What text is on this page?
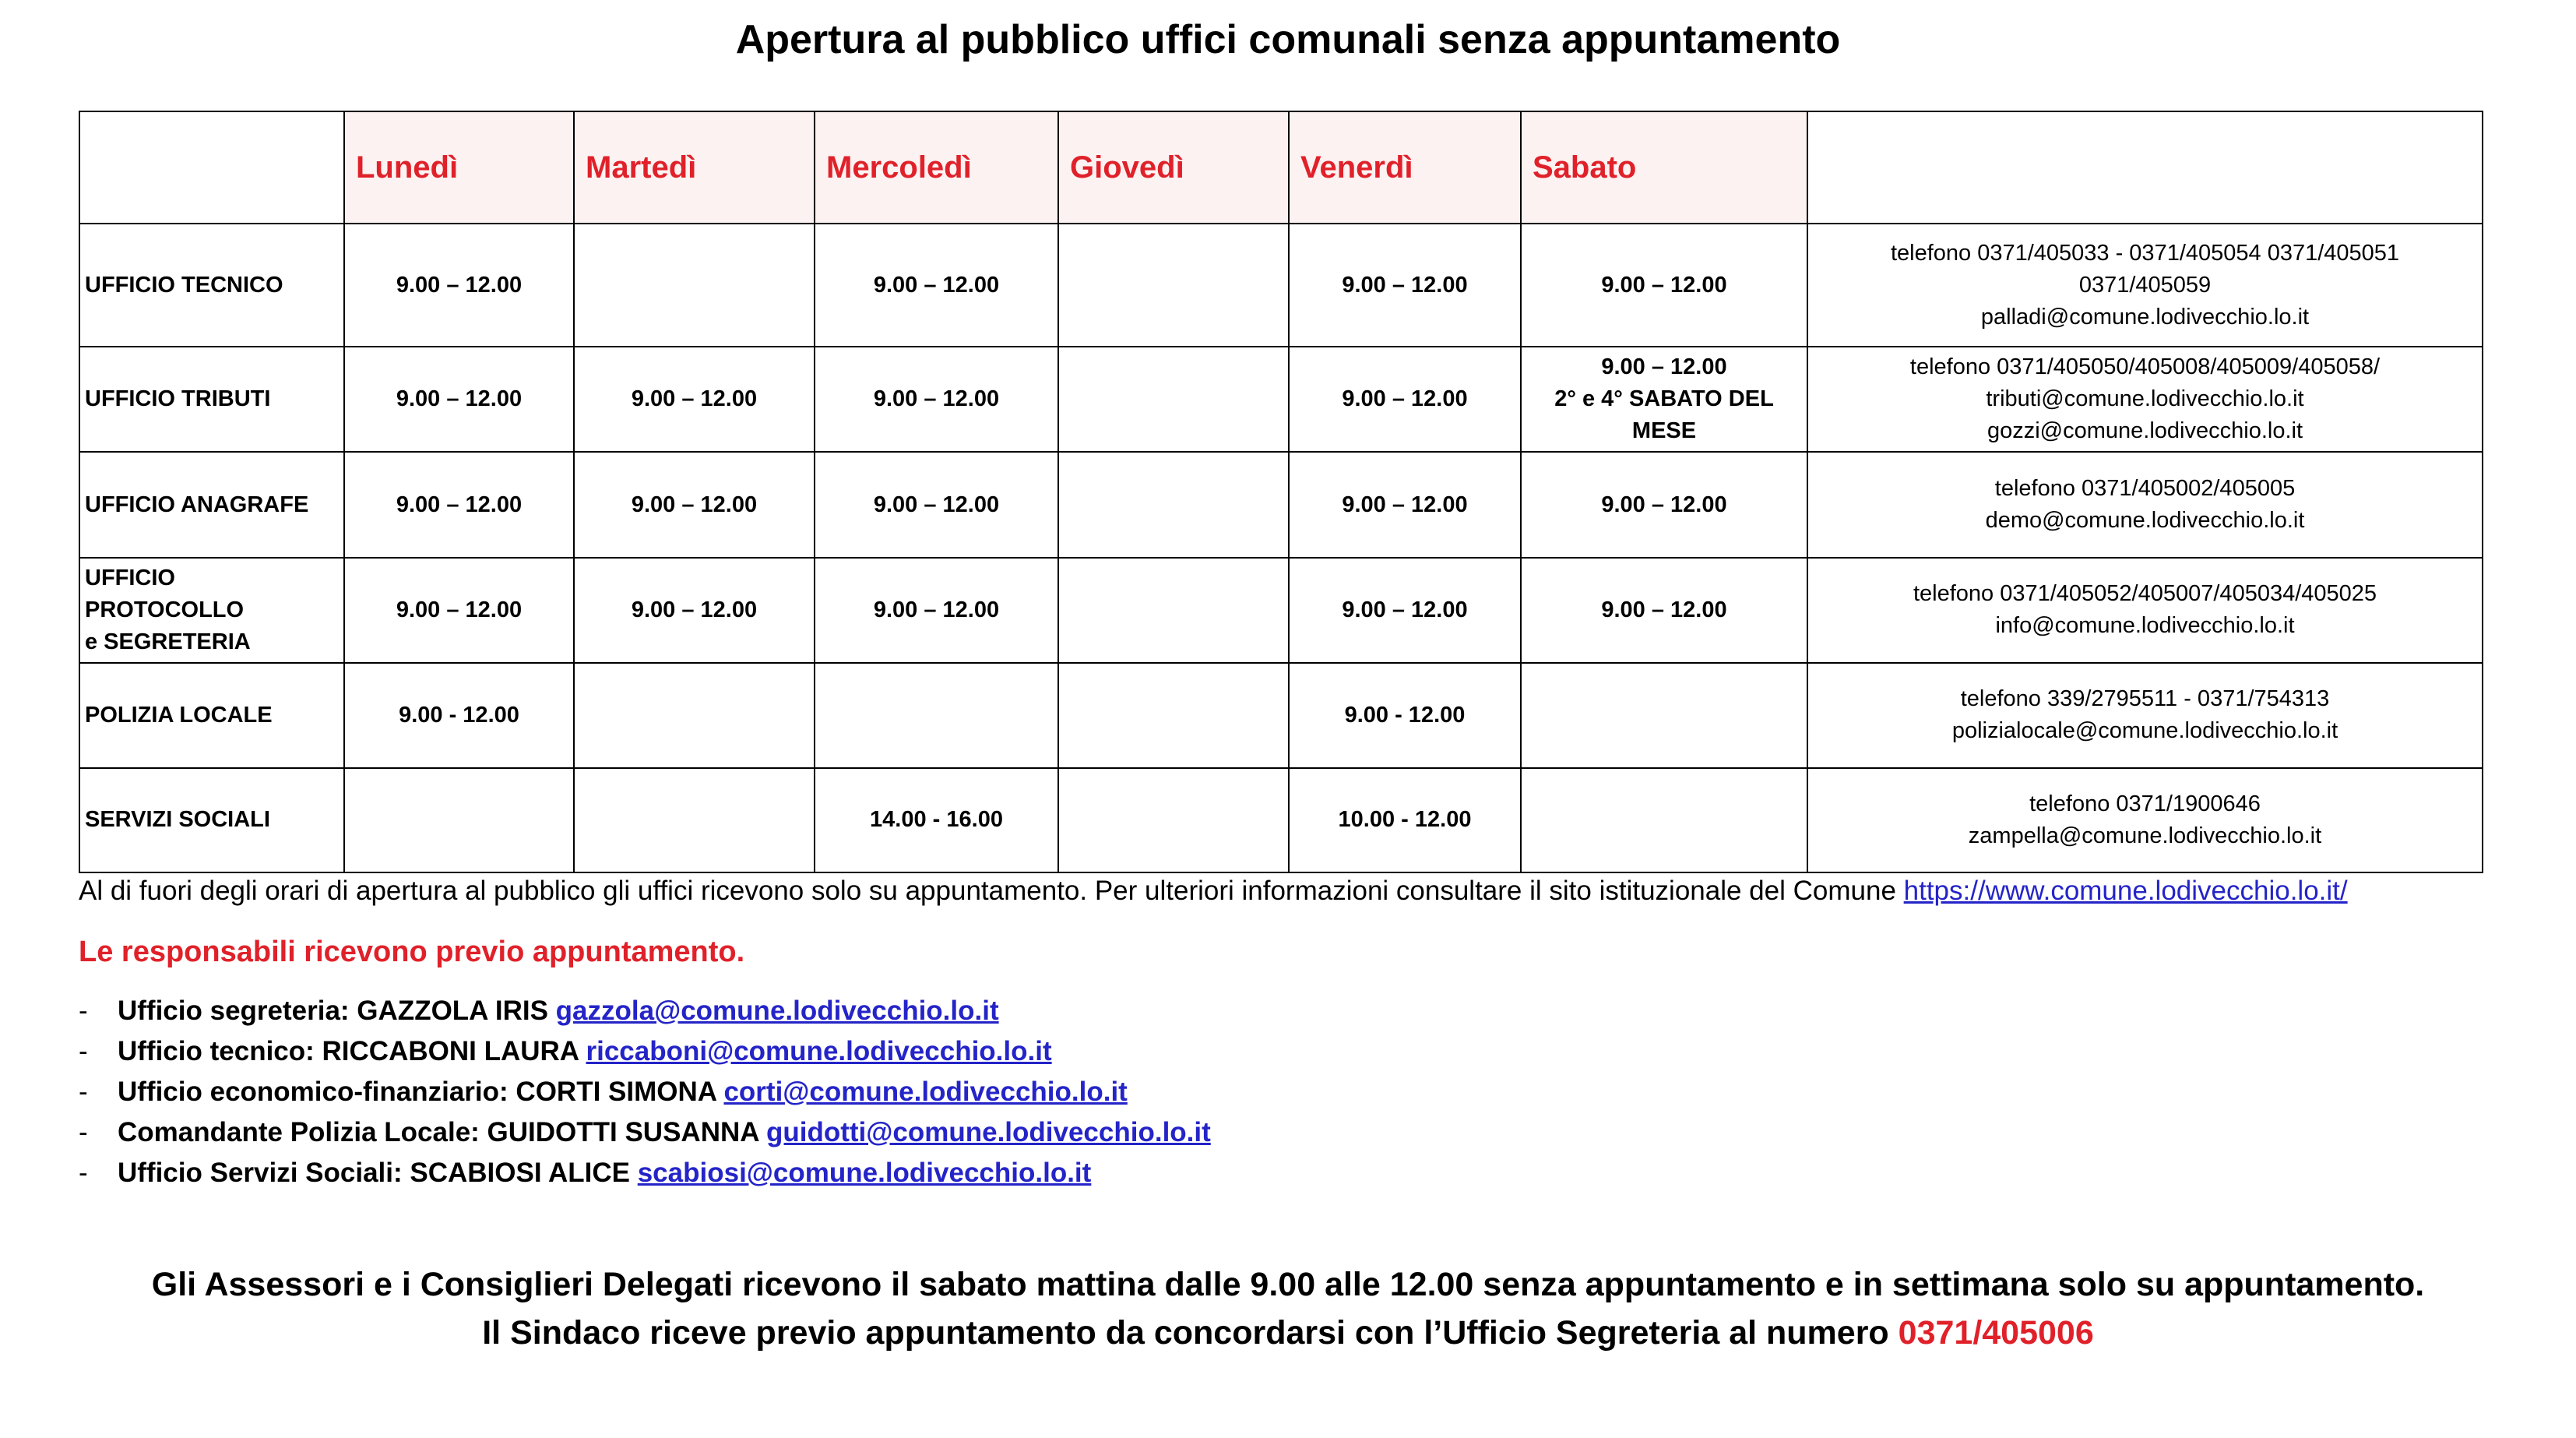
Apertura al pubblico uffici comunali senza appuntamento
	Lunedì	Martedì	Mercoledì	Giovedì	Venerdì	Sabato	

UFFICIO TECNICO	9.00 – 12.00		9.00 – 12.00		9.00 – 12.00	9.00 – 12.00	telefono 0371/405033 - 0371/405054 0371/405051
0371/405059
palladi@comune.lodivecchio.lo.it

UFFICIO TRIBUTI	9.00 – 12.00	9.00 – 12.00	9.00 – 12.00		9.00 – 12.00	9.00 – 12.00
2° e 4° SABATO DEL
MESE	telefono 0371/405050/405008/405009/405058/
tributi@comune.lodivecchio.lo.it
gozzi@comune.lodivecchio.lo.it

UFFICIO ANAGRAFE	9.00 – 12.00	9.00 – 12.00	9.00 – 12.00		9.00 – 12.00	9.00 – 12.00	telefono 0371/405002/405005
demo@comune.lodivecchio.lo.it

UFFICIO PROTOCOLLO
e SEGRETERIA	9.00 – 12.00	9.00 – 12.00	9.00 – 12.00		9.00 – 12.00	9.00 – 12.00	telefono 0371/405052/405007/405034/405025
info@comune.lodivecchio.lo.it

POLIZIA LOCALE	9.00 - 12.00				9.00 - 12.00		telefono 339/2795511 - 0371/754313
polizialocale@comune.lodivecchio.lo.it

SERVIZI SOCIALI			14.00 - 16.00		10.00 - 12.00		telefono 0371/1900646
zampella@comune.lodivecchio.lo.it
Al di fuori degli orari di apertura al pubblico gli uffici ricevono solo su appuntamento. Per ulteriori informazioni consultare il sito istituzionale del Comune https://www.comune.lodivecchio.lo.it/
Le responsabili ricevono previo appuntamento.
- Ufficio segreteria: GAZZOLA IRIS gazzola@comune.lodivecchio.lo.it
- Ufficio tecnico: RICCABONI LAURA riccaboni@comune.lodivecchio.lo.it
- Ufficio economico-finanziario: CORTI SIMONA corti@comune.lodivecchio.lo.it
- Comandante Polizia Locale: GUIDOTTI SUSANNA guidotti@comune.lodivecchio.lo.it
- Ufficio Servizi Sociali: SCABIOSI ALICE scabiosi@comune.lodivecchio.lo.it
Gli Assessori e i Consiglieri Delegati ricevono il sabato mattina dalle 9.00 alle 12.00 senza appuntamento e in settimana solo su appuntamento.
Il Sindaco riceve previo appuntamento da concordarsi con l’Ufficio Segreteria al numero 0371/405006
